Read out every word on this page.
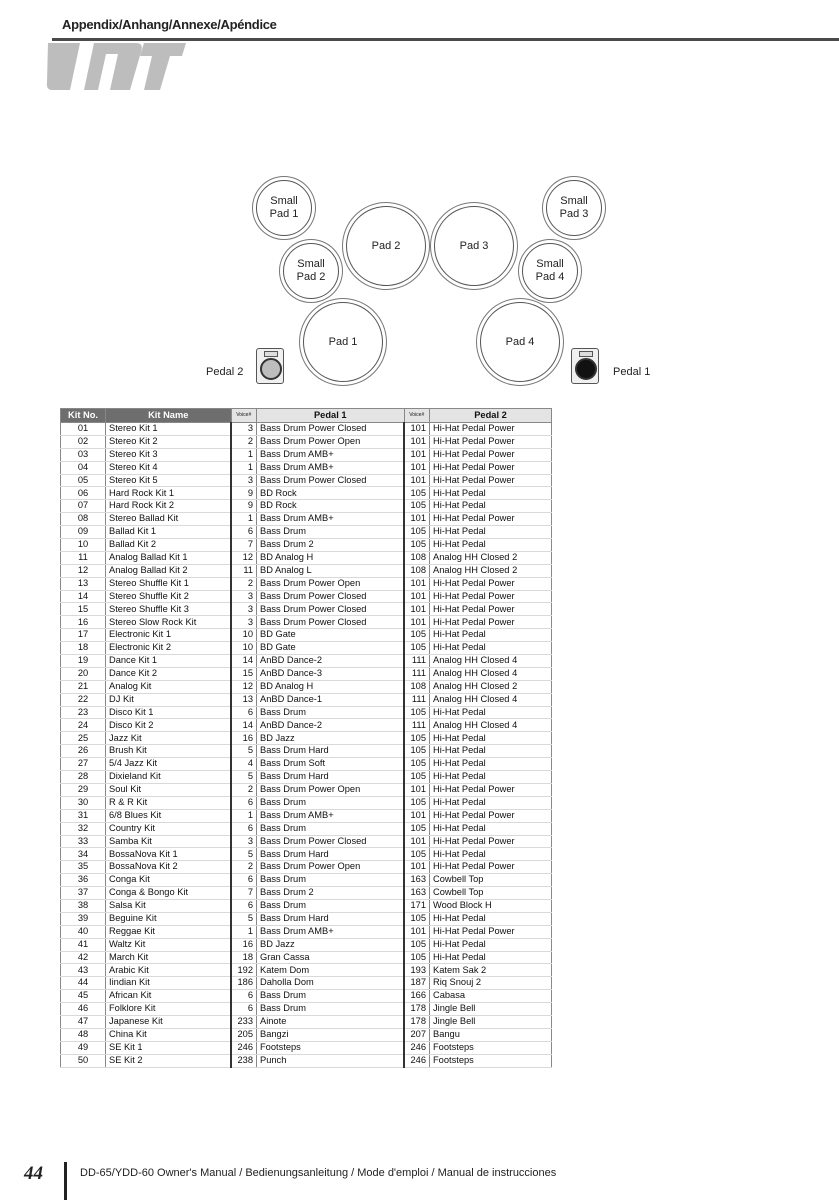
Appendix/Anhang/Annexe/Apéndice
Small
Pad 1
Small
Pad 3
Pad 2	Pad 3
Small
Pad 2
Small
Pad 4
Pad 1	Pad 4
Pedal 2	Pedal 1
Kit No.	Kit Name	Voice#	Pedal 1	Voice#	Pedal 2
01	Stereo Kit 1	3	Bass Drum Power Closed	101	Hi-Hat Pedal Power
02	Stereo Kit 2	2	Bass Drum Power Open	101	Hi-Hat Pedal Power
03	Stereo Kit 3	1	Bass Drum AMB+	101	Hi-Hat Pedal Power
04	Stereo Kit 4	1	Bass Drum AMB+	101	Hi-Hat Pedal Power
05	Stereo Kit 5	3	Bass Drum Power Closed	101	Hi-Hat Pedal Power
06	Hard Rock Kit 1	9	BD Rock	105	Hi-Hat Pedal
07	Hard Rock Kit 2	9	BD Rock	105	Hi-Hat Pedal
08	Stereo Ballad Kit	1	Bass Drum AMB+	101	Hi-Hat Pedal Power
09	Ballad Kit 1	6	Bass Drum	105	Hi-Hat Pedal
10	Ballad Kit 2	7	Bass Drum 2	105	Hi-Hat Pedal
11	Analog Ballad Kit 1	12	BD Analog H	108	Analog HH Closed 2
12	Analog Ballad Kit 2	11	BD Analog L	108	Analog HH Closed 2
13	Stereo Shuffle Kit 1	2	Bass Drum Power Open	101	Hi-Hat Pedal Power
14	Stereo Shuffle Kit 2	3	Bass Drum Power Closed	101	Hi-Hat Pedal Power
15	Stereo Shuffle Kit 3	3	Bass Drum Power Closed	101	Hi-Hat Pedal Power
16	Stereo Slow Rock Kit	3	Bass Drum Power Closed	101	Hi-Hat Pedal Power
17	Electronic Kit 1	10	BD Gate	105	Hi-Hat Pedal
18	Electronic Kit 2	10	BD Gate	105	Hi-Hat Pedal
19	Dance Kit 1	14	AnBD Dance-2	111	Analog HH Closed 4
20	Dance Kit 2	15	AnBD Dance-3	111	Analog HH Closed 4
21	Analog Kit	12	BD Analog H	108	Analog HH Closed 2
22	DJ Kit	13	AnBD Dance-1	111	Analog HH Closed 4
23	Disco Kit 1	6	Bass Drum	105	Hi-Hat Pedal
24	Disco Kit 2	14	AnBD Dance-2	111	Analog HH Closed 4
25	Jazz Kit	16	BD Jazz	105	Hi-Hat Pedal
26	Brush Kit	5	Bass Drum Hard	105	Hi-Hat Pedal
27	5/4 Jazz Kit	4	Bass Drum Soft	105	Hi-Hat Pedal
28	Dixieland Kit	5	Bass Drum Hard	105	Hi-Hat Pedal
29	Soul Kit	2	Bass Drum Power Open	101	Hi-Hat Pedal Power
30	R & R Kit	6	Bass Drum	105	Hi-Hat Pedal
31	6/8 Blues Kit	1	Bass Drum AMB+	101	Hi-Hat Pedal Power
32	Country Kit	6	Bass Drum	105	Hi-Hat Pedal
33	Samba Kit	3	Bass Drum Power Closed	101	Hi-Hat Pedal Power
34	BossaNova Kit 1	5	Bass Drum Hard	105	Hi-Hat Pedal
35	BossaNova Kit 2	2	Bass Drum Power Open	101	Hi-Hat Pedal Power
36	Conga Kit	6	Bass Drum	163	Cowbell Top
37	Conga & Bongo Kit	7	Bass Drum 2	163	Cowbell Top
38	Salsa Kit	6	Bass Drum	171	Wood Block H
39	Beguine Kit	5	Bass Drum Hard	105	Hi-Hat Pedal
40	Reggae Kit	1	Bass Drum AMB+	101	Hi-Hat Pedal Power
41	Waltz Kit	16	BD Jazz	105	Hi-Hat Pedal
42	March Kit	18	Gran Cassa	105	Hi-Hat Pedal
43	Arabic Kit	192	Katem Dom	193	Katem Sak 2
44	Iindian Kit	186	Daholla Dom	187	Riq Snouj 2
45	African Kit	6	Bass Drum	166	Cabasa
46	Folklore Kit	6	Bass Drum	178	Jingle Bell
47	Japanese Kit	233	Ainote	178	Jingle Bell
48	China Kit	205	Bangzi	207	Bangu
49	SE Kit 1	246	Footsteps	246	Footsteps
50	SE Kit 2	238	Punch	246	Footsteps
44	DD-65/YDD-60 Owner's Manual / Bedienungsanleitung / Mode d'emploi / Manual de instrucciones
